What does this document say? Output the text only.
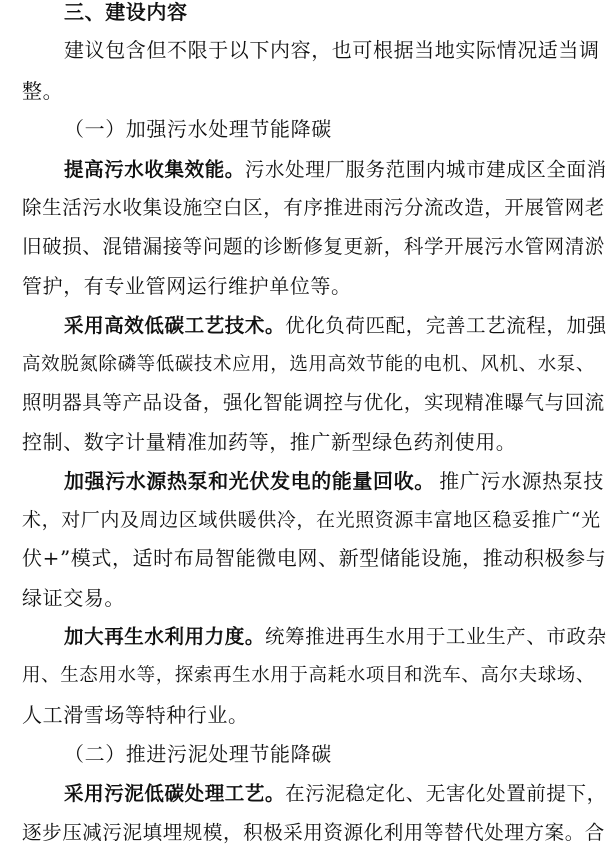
三、建设内容
建议包含但不限于以下内容，也可根据当地实际情况适当调
整。
（一）加强污水处理节能降碳
提高污水收集效能。 污水处理厂服务范围内城市建成区全面消
除生活污水收集设施空白区，有序推进雨污分流改造，开展管网老
旧破损、混错漏接等问题的诊断修复更新，科学开展污水管网清淤
管护，有专业管网运行维护单位等。
采用高效低碳工艺技术。 优化负荷匹配，完善工艺流程，加强
高效脱氮除磷等低碳技术应用，选用高效节能的电机、风机、水泵、
照明器具等产品设备，强化智能调控与优化，实现精准曝气与回流
控制、数字计量精准加药等，推广新型绿色药剂使用。
加强污水源热泵和光伏发电的能量回收。 推广污水源热泵技
术，对厂内及周边区域供暖供冷，在光照资源丰富地区稳妥推广“光
伏+”模式，适时布局智能微电网、新型储能设施，推动积极参与
绿证交易。
加大再生水利用力度。 统筹推进再生水用于工业生产、市政杂
用、生态用水等，探索再生水用于高耗水项目和洗车、高尔夫球场、
人工滑雪场等特种行业。
（二）推进污泥处理节能降碳
采用污泥低碳处理工艺。 在污泥稳定化、无害化处置前提下，
逐步压减污泥填埋规模，积极采用资源化利用等替代处理方案。合
